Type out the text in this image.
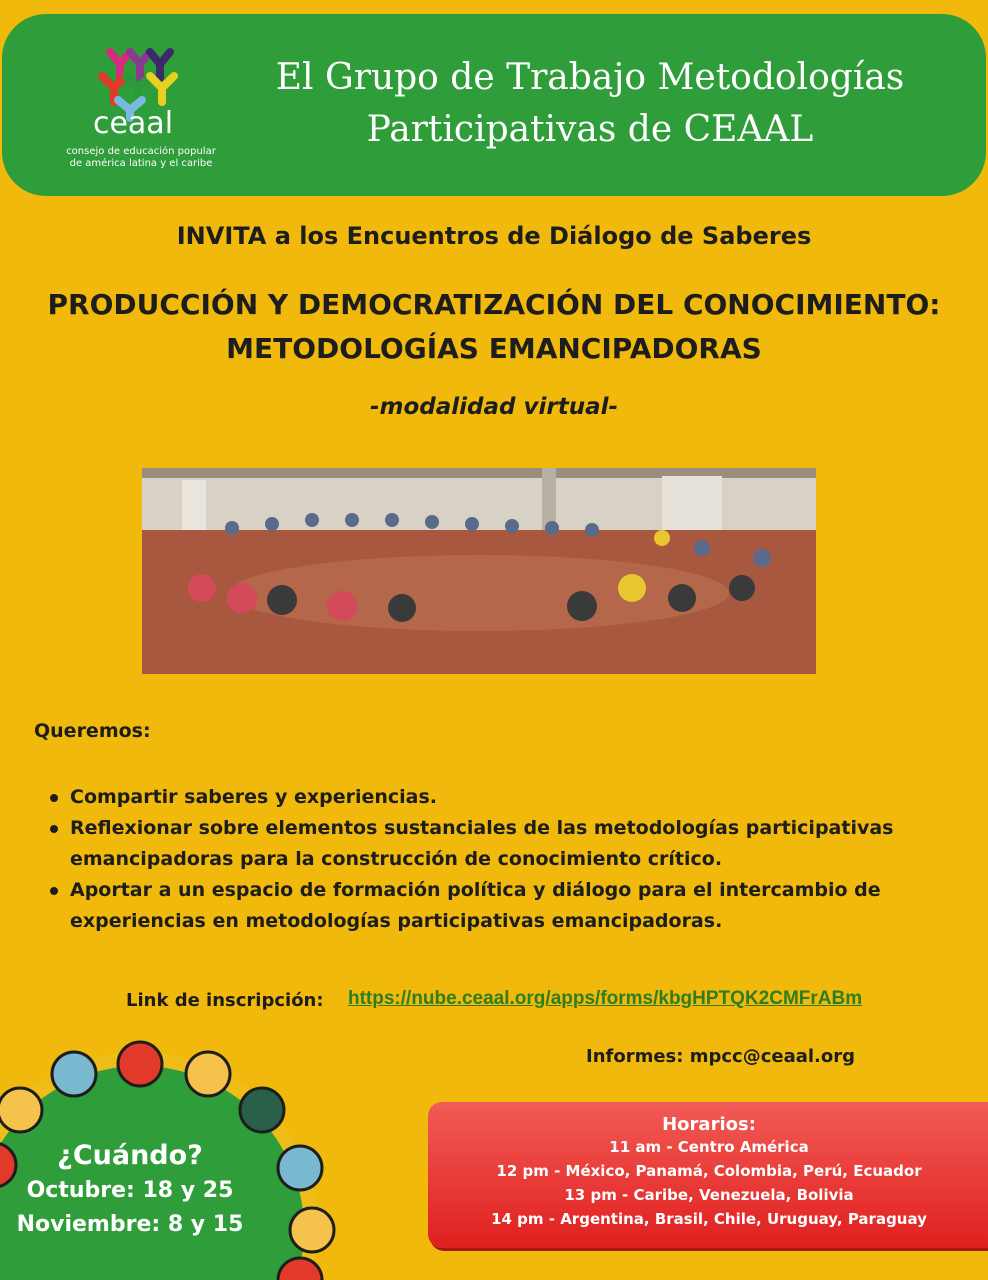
ceaal
consejo de educación popular
de américa latina y el caribe
El Grupo de Trabajo Metodologías
Participativas de CEAAL
INVITA a los Encuentros de Diálogo de Saberes
PRODUCCIÓN Y DEMOCRATIZACIÓN DEL CONOCIMIENTO:
METODOLOGÍAS EMANCIPADORAS
-modalidad virtual-
Queremos:
Compartir saberes y experiencias.
Reflexionar sobre elementos sustanciales de las metodologías participativas emancipadoras para la construcción de conocimiento crítico.
Aportar a un espacio de formación política y diálogo para el intercambio de experiencias en metodologías participativas emancipadoras.
Link de inscripción: https://nube.ceaal.org/apps/forms/kbgHPTQK2CMFrABm
Informes: mpcc@ceaal.org
¿Cuándo?
Octubre: 18 y 25
Noviembre: 8 y 15
Horarios:
11 am - Centro América
12 pm - México, Panamá, Colombia, Perú, Ecuador
13 pm - Caribe, Venezuela, Bolivia
14 pm - Argentina, Brasil, Chile, Uruguay, Paraguay
